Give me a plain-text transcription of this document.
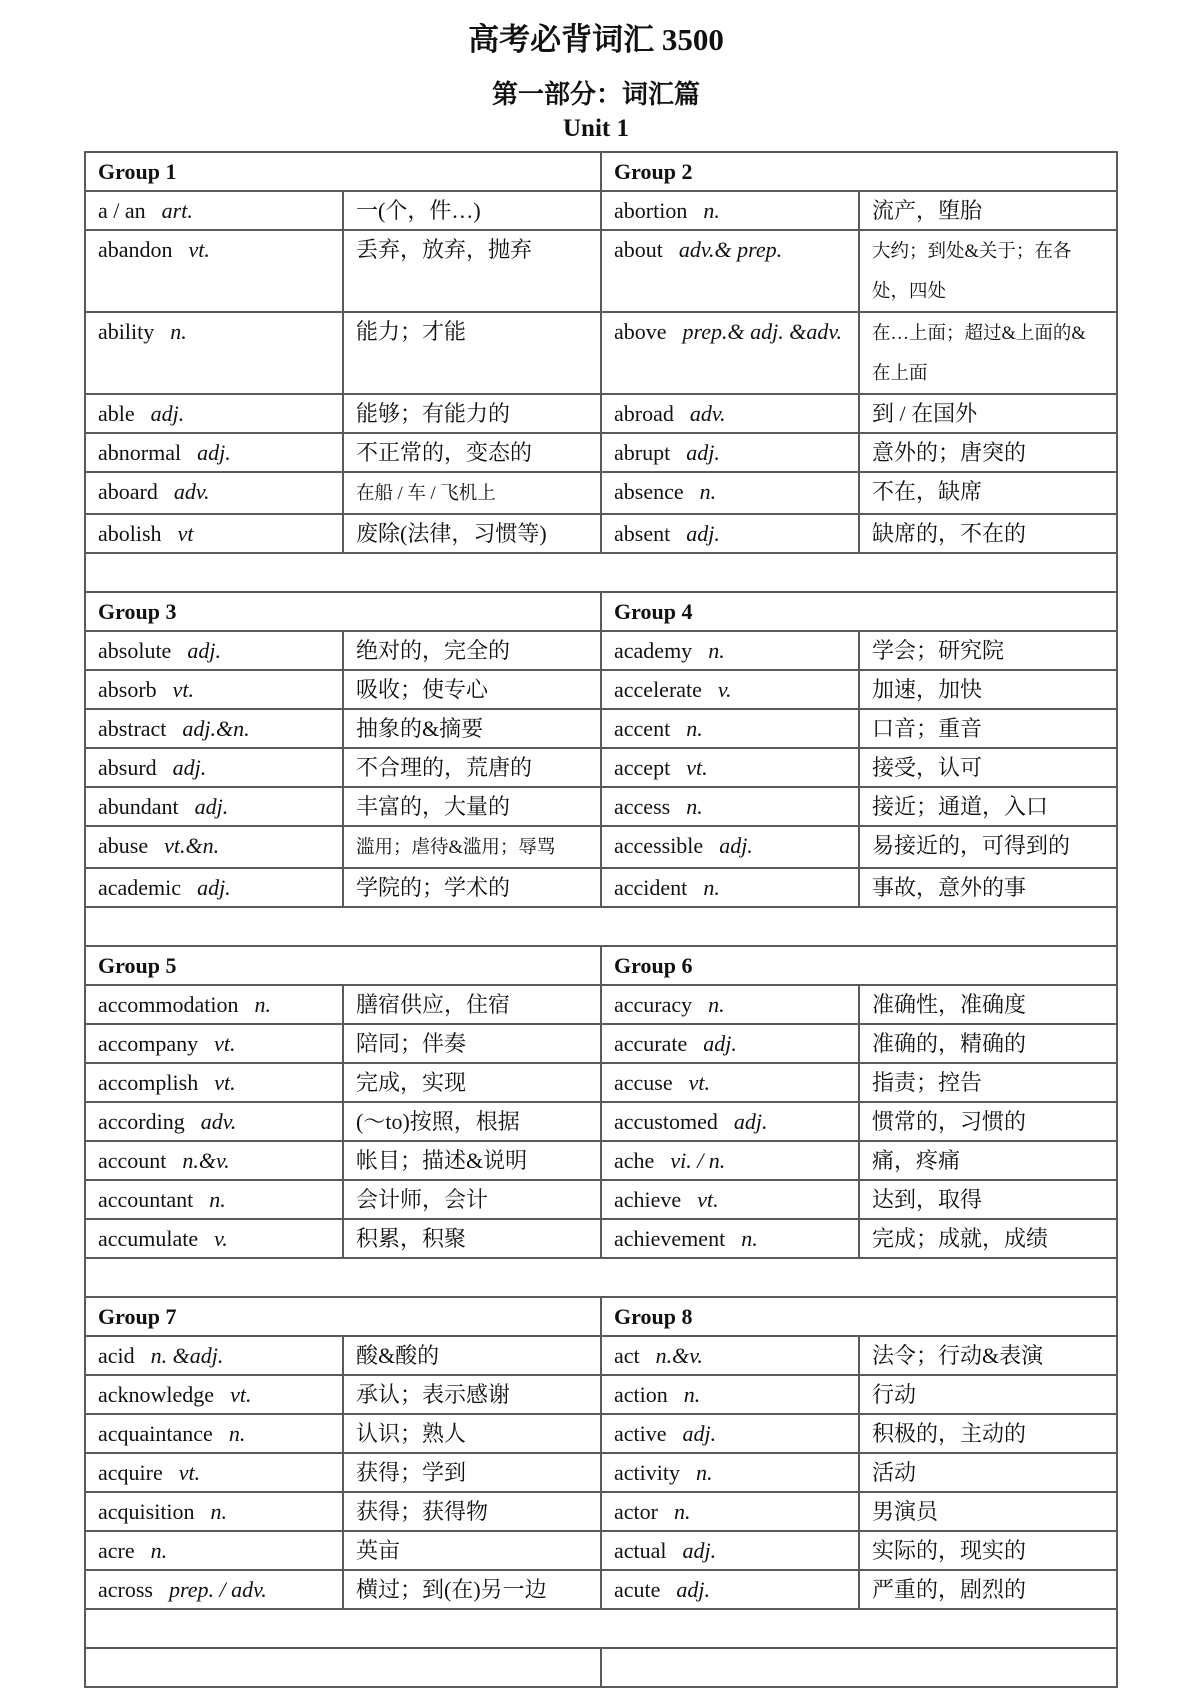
高考必背词汇 3500
第一部分：词汇篇
Unit 1
Group 1		Group 2	
a / an art.	一(个，件…)	abortion n.	流产，堕胎
abandon vt.	丢弃，放弃，抛弃	about adv.& prep.	大约；到处&关于；在各处，四处
ability n.	能力；才能	above prep.& adj. &adv.	在…上面；超过&上面的&在上面
able adj.	能够；有能力的	abroad adv.	到 / 在国外
abnormal adj.	不正常的，变态的	abrupt adj.	意外的；唐突的
aboard adv.	在船 / 车 / 飞机上	absence n.	不在，缺席
abolish vt	废除(法律，习惯等)	absent adj.	缺席的，不在的

Group 3		Group 4	
absolute adj.	绝对的，完全的	academy n.	学会；研究院
absorb vt.	吸收；使专心	accelerate v.	加速，加快
abstract adj.&n.	抽象的&摘要	accent n.	口音；重音
absurd adj.	不合理的，荒唐的	accept vt.	接受，认可
abundant adj.	丰富的，大量的	access n.	接近；通道，入口
abuse vt.&n.	滥用；虐待&滥用；辱骂	accessible adj.	易接近的，可得到的
academic adj.	学院的；学术的	accident n.	事故，意外的事

Group 5		Group 6	
accommodation n.	膳宿供应，住宿	accuracy n.	准确性，准确度
accompany vt.	陪同；伴奏	accurate adj.	准确的，精确的
accomplish vt.	完成，实现	accuse vt.	指责；控告
according adv.	(～to)按照，根据	accustomed adj.	惯常的，习惯的
account n.&v.	帐目；描述&说明	ache vi. / n.	痛，疼痛
accountant n.	会计师，会计	achieve vt.	达到，取得
accumulate v.	积累，积聚	achievement n.	完成；成就，成绩

Group 7		Group 8	
acid n. &adj.	酸&酸的	act n.&v.	法令；行动&表演
acknowledge vt.	承认；表示感谢	action n.	行动
acquaintance n.	认识；熟人	active adj.	积极的，主动的
acquire vt.	获得；学到	activity n.	活动
acquisition n.	获得；获得物	actor n.	男演员
acre n.	英亩	actual adj.	实际的，现实的
across prep. / adv.	横过；到(在)另一边	acute adj.	严重的，剧烈的
